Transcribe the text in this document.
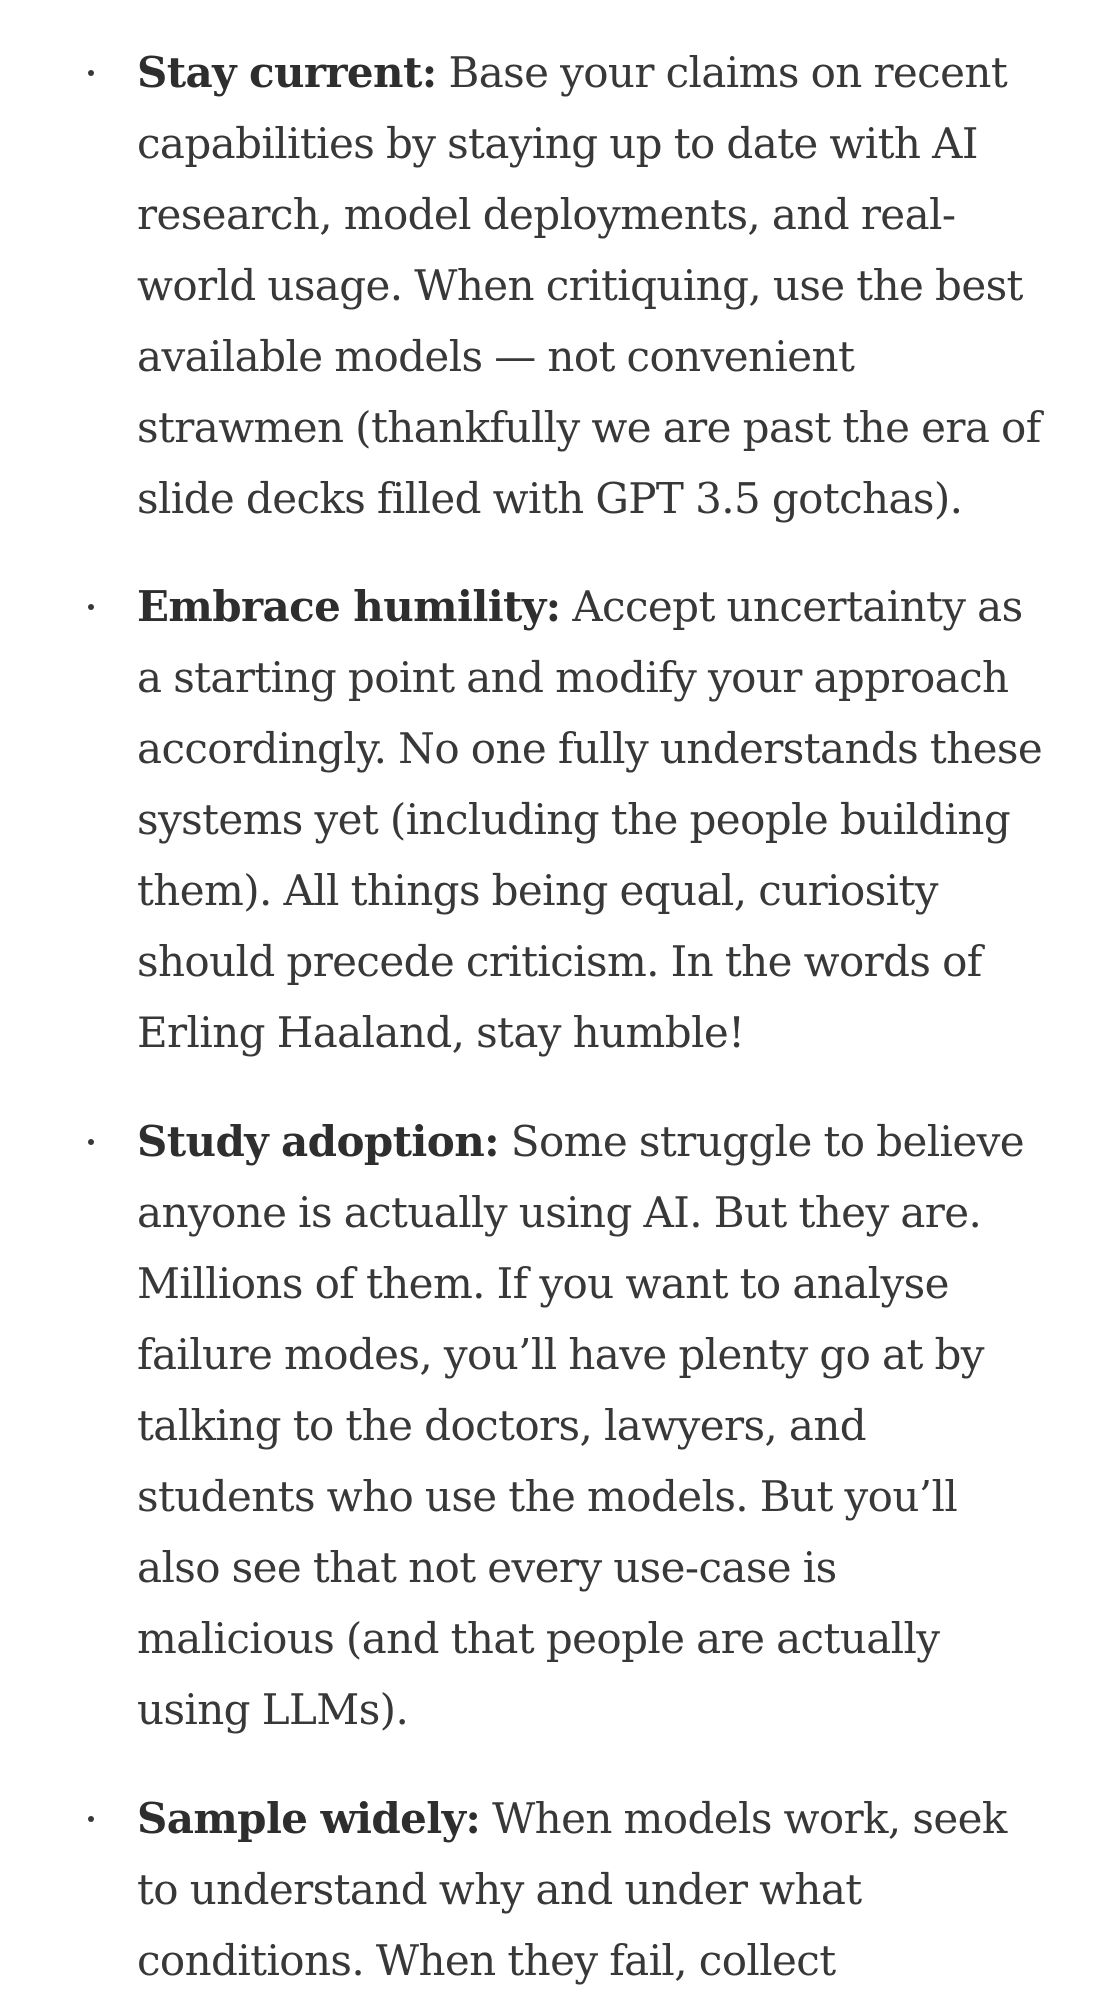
Stay current: Base your claims on recent capabilities by staying up to date with AI research, model deployments, and real-world usage. When critiquing, use the best available models — not convenient strawmen (thankfully we are past the era of slide decks filled with GPT 3.5 gotchas).
Embrace humility: Accept uncertainty as a starting point and modify your approach accordingly. No one fully understands these systems yet (including the people building them). All things being equal, curiosity should precede criticism. In the words of Erling Haaland, stay humble!
Study adoption: Some struggle to believe anyone is actually using AI. But they are. Millions of them. If you want to analyse failure modes, you’ll have plenty go at by talking to the doctors, lawyers, and students who use the models. But you’ll also see that not every use-case is malicious (and that people are actually using LLMs).
Sample widely: When models work, seek to understand why and under what conditions. When they fail, collect
